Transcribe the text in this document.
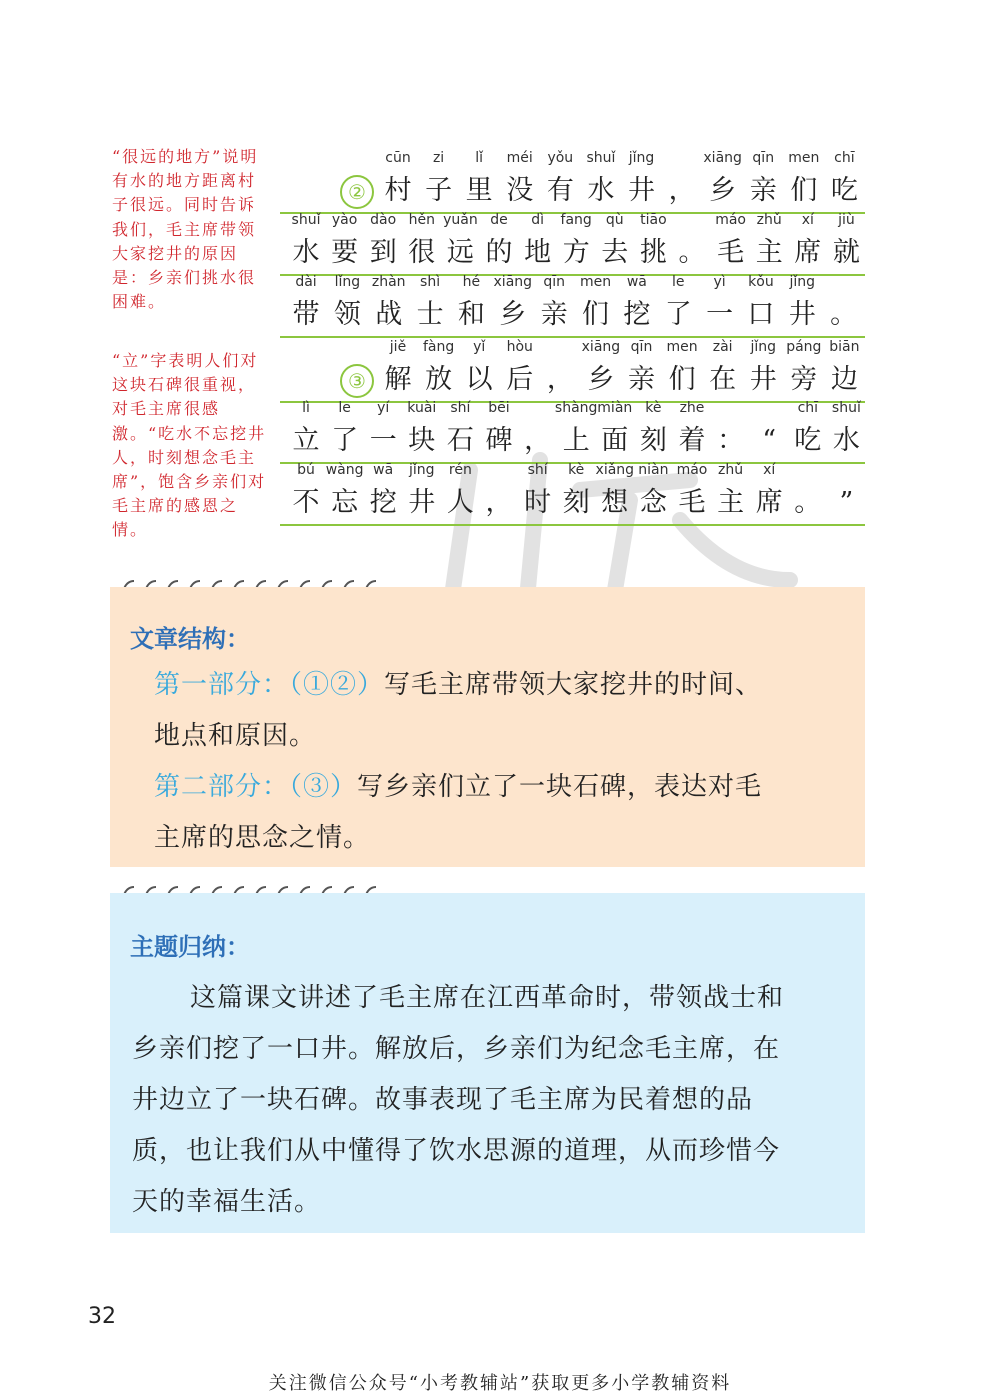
“很远的地方”说明有水的地方距离村子很远。同时告诉我们，毛主席带领大家挖井的原因是：乡亲们挑水很困难。
“立”字表明人们对这块石碑很重视，对毛主席很感激。“吃水不忘挖井人，时刻想念毛主席”，饱含乡亲们对毛主席的感恩之情。
②
cūn
村
zi
子
lǐ
里
méi
没
yǒu
有
shuǐ
水
jǐng
井 ，
xiāng
乡
qīn
亲
men
们
chī
吃
shuǐ
水
yào
要
dào
到
hěn
很
yuǎn
远
de
的
dì
地
fang
方
qù
去
tiāo
挑 。
máo
毛
zhǔ
主
xí
席
jiù
就
dài
带
lǐng
领
zhàn
战
shì
士
hé
和
xiāng
乡
qīn
亲
men
们
wā
挖
le
了
yì
一
kǒu
口
jǐng
井 。
③
jiě
解
fàng
放
yǐ
以
hòu
后 ，
xiāng
乡
qīn
亲
men
们
zài
在
jǐng
井
páng
旁
biān
边
lì
立
le
了
yí
一
kuài
块
shí
石
bēi
碑 ，
shàng
上
miàn
面
kè
刻
zhe
着 ： “
chī
吃
shuǐ
水
bú
不
wàng
忘
wā
挖
jǐng
井
rén
人 ，
shí
时
kè
刻
xiǎng
想
niàn
念
máo
毛
zhǔ
主
xí
席 。 ”
文章结构：
第一部分：（①②）写毛主席带领大家挖井的时间、
地点和原因。
第二部分：（③）写乡亲们立了一块石碑，表达对毛
主席的思念之情。
主题归纳：
这篇课文讲述了毛主席在江西革命时，带领战士和
乡亲们挖了一口井。解放后，乡亲们为纪念毛主席，在
井边立了一块石碑。故事表现了毛主席为民着想的品
质，也让我们从中懂得了饮水思源的道理，从而珍惜今
天的幸福生活。
32
关注微信公众号“小考教辅站”获取更多小学教辅资料
